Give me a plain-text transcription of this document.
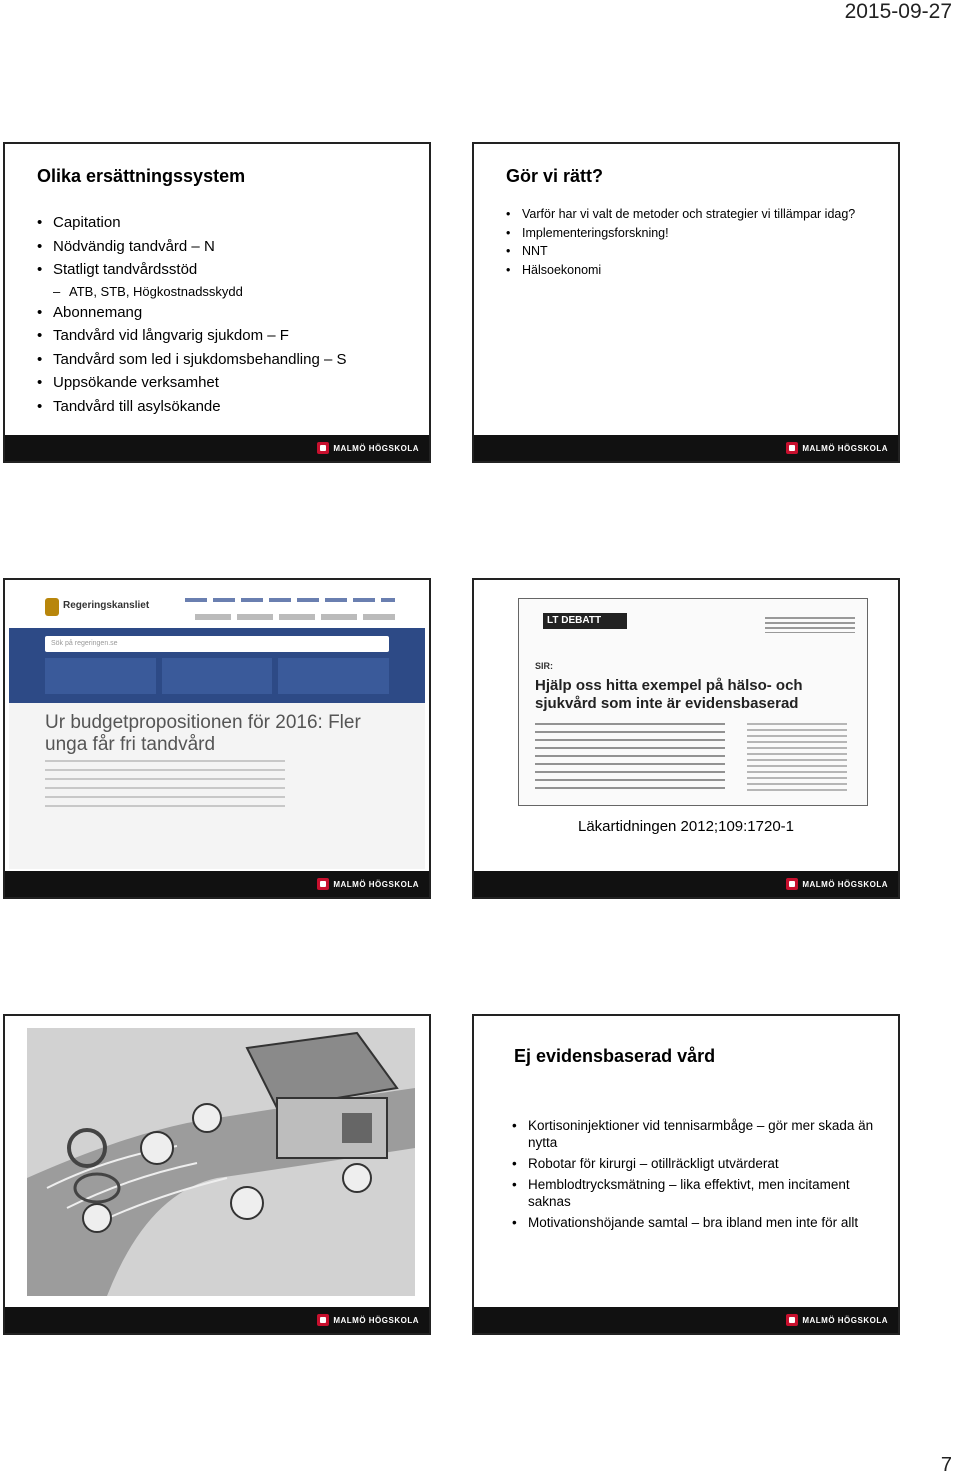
2015-09-27
Olika ersättningssystem
• Capitation
• Nödvändig tandvård – N
• Statligt tandvårdsstöd
– ATB, STB, Högkostnadsskydd
• Abonnemang
• Tandvård vid långvarig sjukdom – F
• Tandvård som led i sjukdomsbehandling – S
• Uppsökande verksamhet
• Tandvård till asylsökande
MALMÖ HÖGSKOLA
Gör vi rätt?
• Varför har vi valt de metoder och strategier vi tillämpar idag?
• Implementeringsforskning!
• NNT
• Hälsoekonomi
MALMÖ HÖGSKOLA
Regeringskansliet
Sök på regeringen.se
Ur budgetpropositionen för 2016: Fler unga får fri tandvård
MALMÖ HÖGSKOLA
LT DEBATT
SIR:
Hjälp oss hitta exempel på hälso- och sjukvård som inte är evidensbaserad
Läkartidningen 2012;109:1720-1
MALMÖ HÖGSKOLA
MALMÖ HÖGSKOLA
Ej evidensbaserad vård
• Kortisoninjektioner vid tennisarmbåge – gör mer skada än nytta
• Robotar för kirurgi – otillräckligt utvärderat
• Hemblodtrycksmätning – lika effektivt, men incitament saknas
• Motivationshöjande samtal – bra ibland men inte för allt
MALMÖ HÖGSKOLA
7
